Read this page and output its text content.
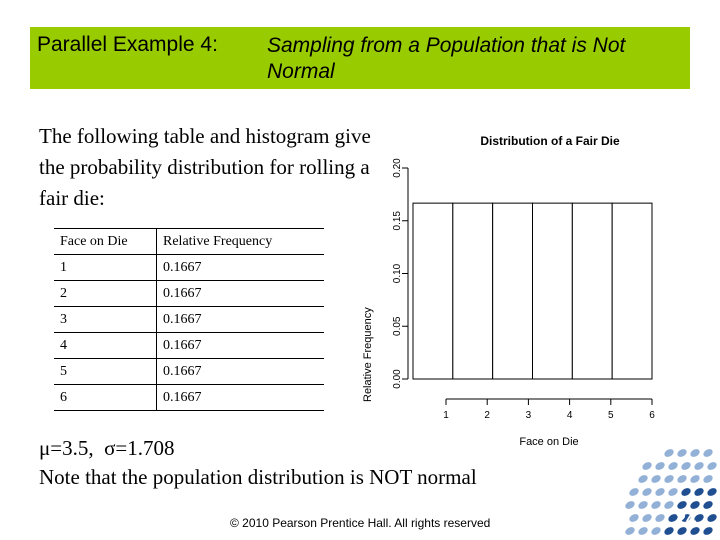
Parallel Example 4: Sampling from a Population that is Not Normal
The following table and histogram give the probability distribution for rolling a fair die:
Face on Die	Relative Frequency
1	0.1667
2	0.1667
3	0.1667
4	0.1667
5	0.1667
6	0.1667
Distribution of a Fair Die
Relative Frequency
Face on Die
0.00
0.05
0.10
0.15
0.20
1	2	3	4	5	6
μ=3.5,  σ=1.708
Note that the population distribution is NOT normal
© 2010 Pearson Prentice Hall. All rights reserved	24
